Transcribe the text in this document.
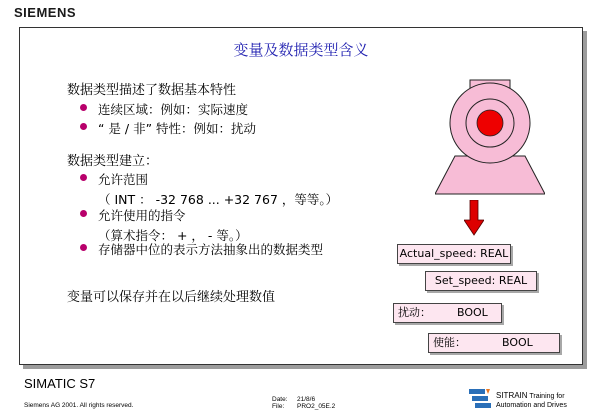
SIEMENS
变量及数据类型含义
数据类型描述了数据基本特性
连续区域：例如：实际速度
“ 是 / 非” 特性：例如：扰动
数据类型建立：
允许范围
（ INT ： -32 768 ... +32 767 ，等等。）
允许使用的指令
（算术指令： + ， - 等。）
存储器中位的表示方法抽象出的数据类型
变量可以保存并在以后继续处理数值
Actual_speed: REAL
Set_speed: REAL
扰动： BOOL
使能：	BOOL
SIMATIC S7
Siemens AG 2001. All rights reserved.
Date: 21/8/6
File: PRO2_05E.2
SITRAIN Training for
Automation and Drives
